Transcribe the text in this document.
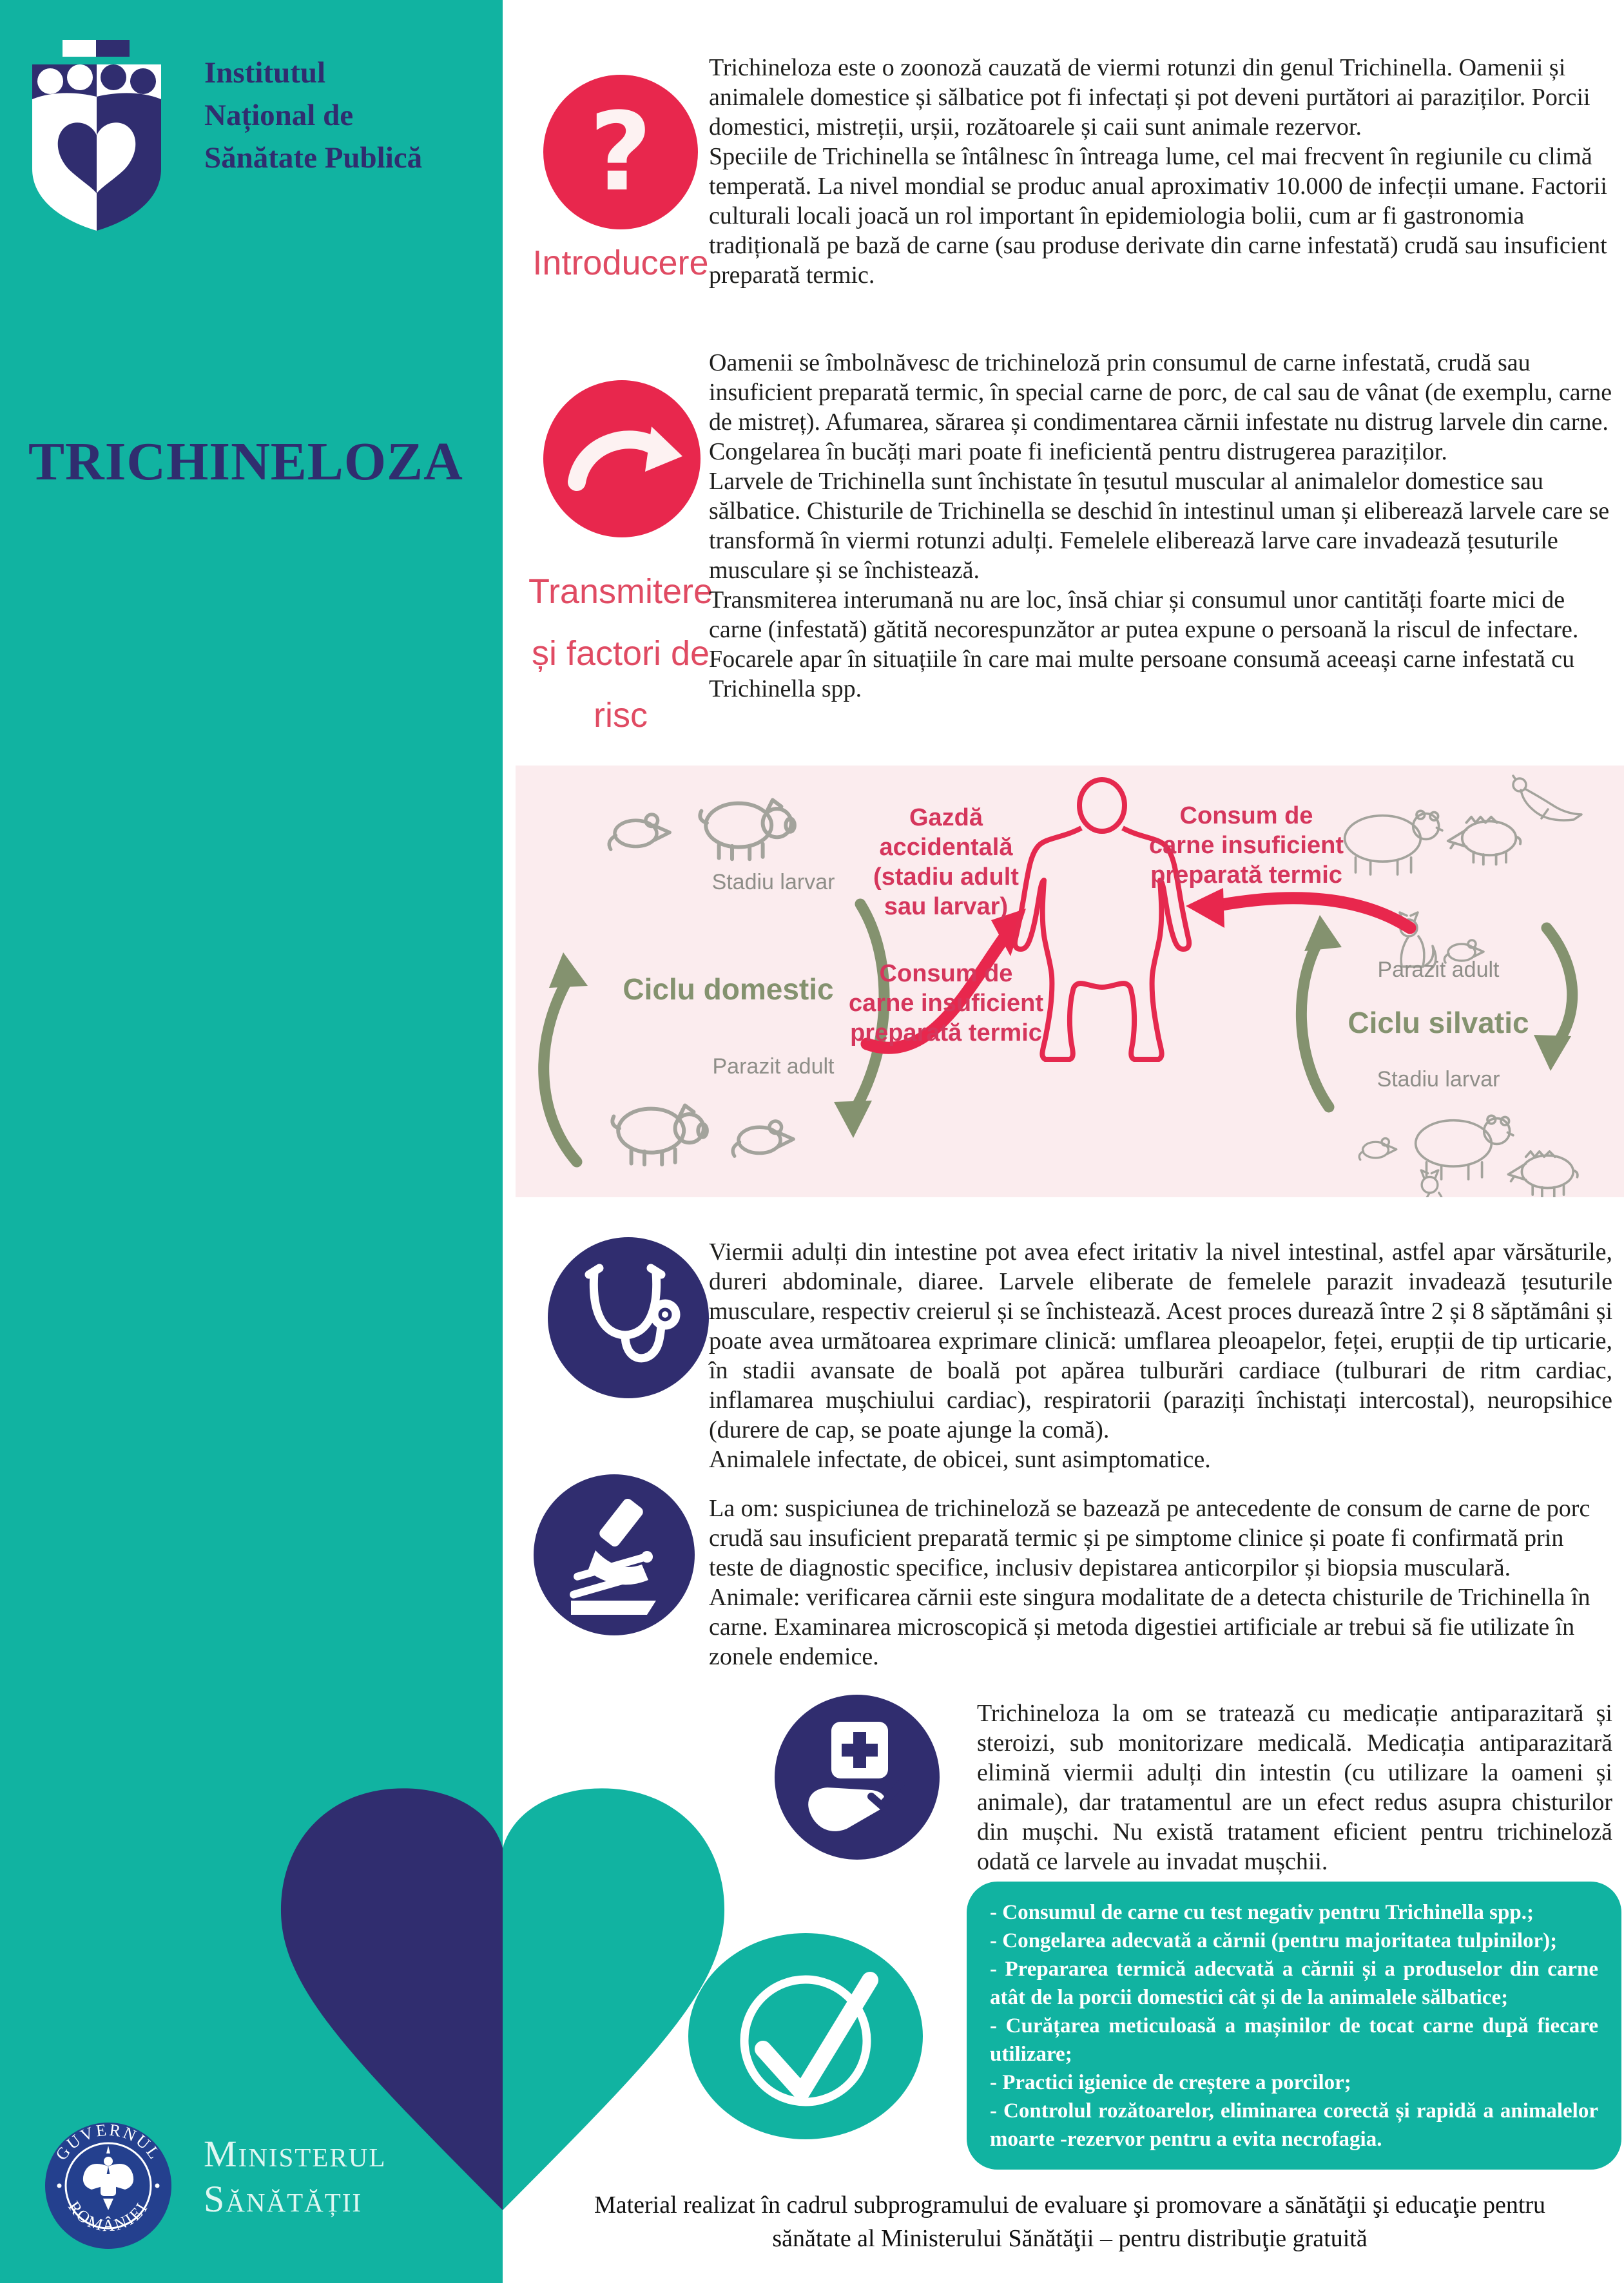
Institutul
Național de
Sănătate Publică
TRICHINELOZA
?
Introducere
Trichineloza este o zoonoză cauzată de viermi rotunzi din genul Trichinella. Oamenii și animalele domestice și sălbatice pot fi infectați și pot deveni purtători ai paraziților. Porcii domestici, mistreții, urșii, rozătoarele și caii sunt animale rezervor.
Speciile de Trichinella se întâlnesc în întreaga lume, cel mai frecvent în regiunile cu climă temperată. La nivel mondial se produc anual aproximativ 10.000 de infecții umane. Factorii culturali locali joacă un rol important în epidemiologia bolii, cum ar fi gastronomia tradițională pe bază de carne (sau produse derivate din carne infestată) crudă sau insuficient preparată termic.
Transmitere
și factori de
risc
Oamenii se îmbolnăvesc de trichineloză prin consumul de carne infestată, crudă sau insuficient preparată termic, în special carne de porc, de cal sau de vânat (de exemplu, carne de mistreț). Afumarea, sărarea și condimentarea cărnii infestate nu distrug larvele din carne. Congelarea în bucăți mari poate fi ineficientă pentru distrugerea paraziților.
Larvele de Trichinella sunt închistate în țesutul muscular al animalelor domestice sau sălbatice. Chisturile de Trichinella se deschid în intestinul uman și eliberează larvele care se transformă în viermi rotunzi adulți. Femelele eliberează larve care invadează țesuturile musculare și se închistează.
Transmiterea interumană nu are loc, însă chiar și consumul unor cantități foarte mici de carne (infestată) gătită necorespunzător ar putea expune o persoană la riscul de infectare. Focarele apar în situațiile în care mai multe persoane consumă aceeași carne infestată cu Trichinella spp.
Stadiu larvar
Ciclu domestic
Parazit adult
Gazdă
accidentală
(stadiu adult
sau larvar)
Consum de
carne insuficient
preparată termic
Consum de
carne insuficient
preparată termic
Parazit adult
Ciclu silvatic
Stadiu larvar
Viermii adulți din intestine pot avea efect iritativ la nivel intestinal, astfel apar vărsăturile, dureri abdominale, diaree. Larvele eliberate de femelele parazit invadează țesuturile musculare, respectiv creierul și se închistează. Acest proces durează între 2 și 8 săptămâni și poate avea următoarea exprimare clinică: umflarea pleoapelor, feței, erupții de tip urticarie, în stadii avansate de boală pot apărea tulburări cardiace (tulburari de ritm cardiac, inflamarea mușchiului cardiac), respiratorii (paraziți închistați intercostal), neuropsihice (durere de cap, se poate ajunge la comă).
Animalele infectate, de obicei, sunt asimptomatice.
La om: suspiciunea de trichineloză se bazează pe antecedente de consum de carne de porc crudă sau insuficient preparată termic și pe simptome clinice și poate fi confirmată prin teste de diagnostic specifice, inclusiv depistarea anticorpilor și biopsia musculară.
Animale: verificarea cărnii este singura modalitate de a detecta chisturile de Trichinella în carne. Examinarea microscopică și metoda digestiei artificiale ar trebui să fie utilizate în zonele endemice.
Trichineloza la om se tratează cu medicație antiparazitară și steroizi, sub monitorizare medicală. Medicația antiparazitară elimină viermii adulți din intestin (cu utilizare la oameni și animale), dar tratamentul are un efect redus asupra chisturilor din mușchi. Nu există tratament eficient pentru trichineloză odată ce larvele au invadat mușchii.
- Consumul de carne cu test negativ pentru Trichinella spp.;
- Congelarea adecvată a cărnii (pentru majoritatea tulpinilor);
- Prepararea termică adecvată a cărnii și a produselor din carne atât de la porcii domestici cât și de la animalele sălbatice;
- Curățarea meticuloasă a mașinilor de tocat carne după fiecare utilizare;
- Practici igienice de creștere a porcilor;
- Controlul rozătoarelor, eliminarea corectă și rapidă a animalelor moarte -rezervor pentru a evita necrofagia.
GUVERNUL
ROMÂNIEI
Ministerul
Sănătății	Material realizat în cadrul subprogramului de evaluare şi promovare a sănătăţii şi educaţie pentru
sănătate al Ministerului Sănătăţii – pentru distribuţie gratuită
